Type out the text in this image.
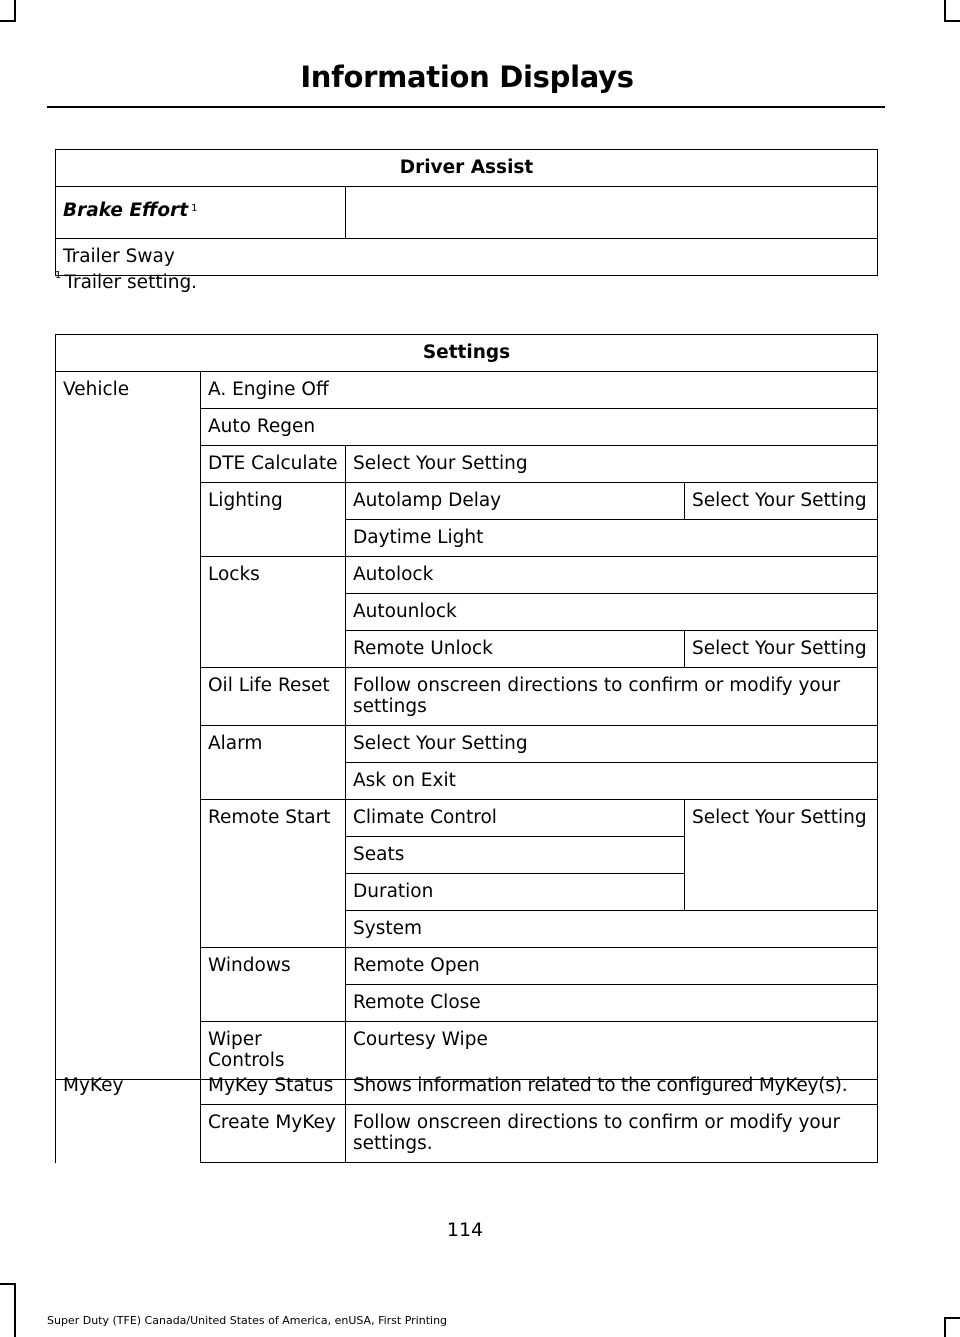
Information Displays
Driver Assist
Brake Effort $^1$	
Trailer Sway
$^1$ Trailer setting.
Settings			
Vehicle	A. Engine Off		
	Auto Regen		
	DTE Calculate	Select Your Setting	
	Lighting	Autolamp Delay	Select Your Setting
		Daytime Light	
	Locks	Autolock	
		Autounlock	
		Remote Unlock	Select Your Setting
	Oil Life Reset	Follow onscreen directions to confirm or modify your settings	
	Alarm	Select Your Setting	
		Ask on Exit	
	Remote Start	Climate Control	Select Your Setting
		Seats	
		Duration	
		System	
	Windows	Remote Open	
		Remote Close	
	Wiper Controls	Courtesy Wipe	
MyKey	MyKey Status	Shows information related to the configured MyKey(s).
	Create MyKey	Follow onscreen directions to confirm or modify your settings.
114
Super Duty (TFE) Canada/United States of America, enUSA, First Printing
